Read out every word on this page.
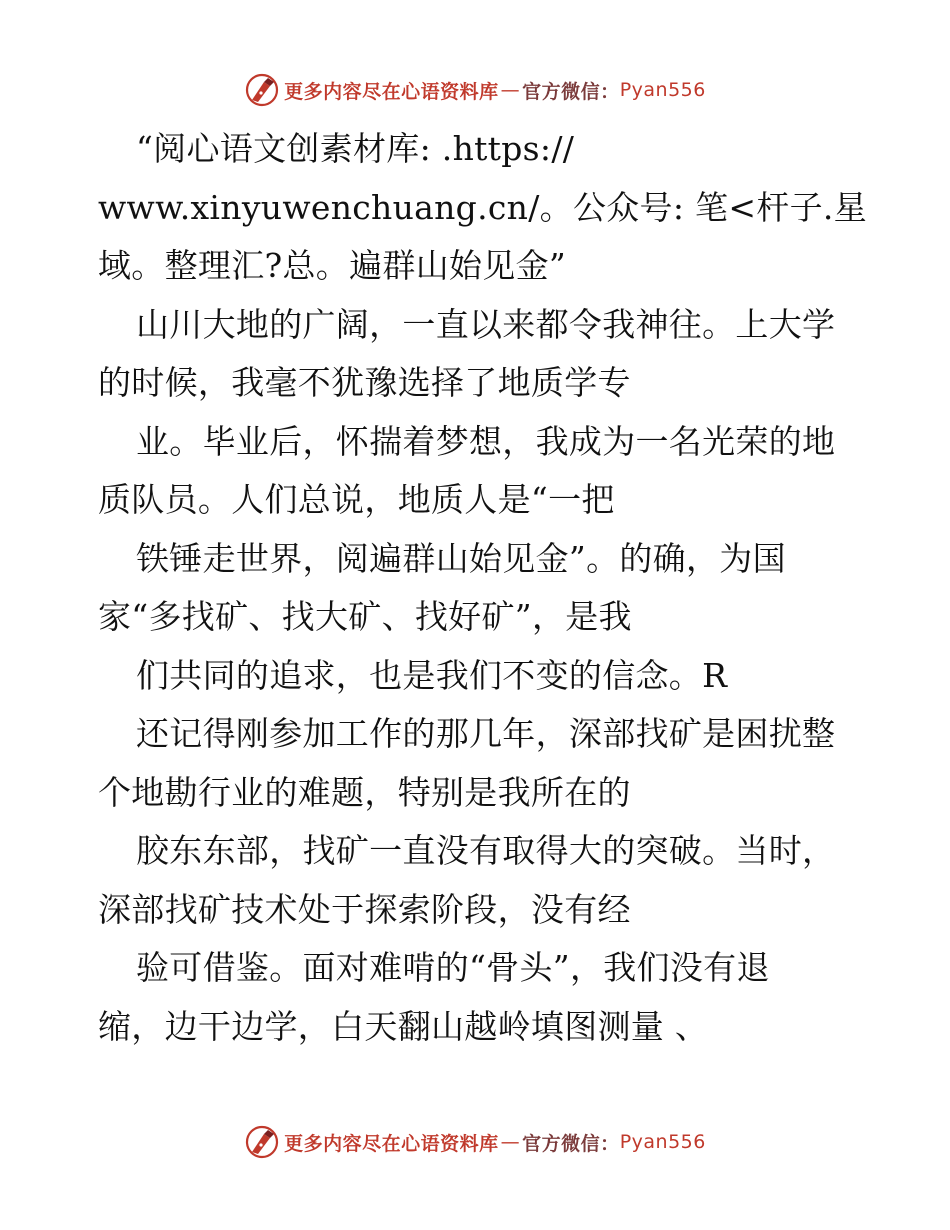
更多内容尽在心语资料库 — 官方微信： Pyan556
“阅心语文创素材库: .https://
www.xinyuwenchuang.cn/。公众号: 笔<杆子.星
域。整理汇?总。遍群山始见金”
山川大地的广阔，一直以来都令我神往。上大学
的时候，我毫不犹豫选择了地质学专
业。毕业后，怀揣着梦想，我成为一名光荣的地
质队员。人们总说，地质人是“一把
铁锤走世界，阅遍群山始见金”。的确，为国
家“多找矿、找大矿、找好矿”，是我
们共同的追求，也是我们不变的信念。R
还记得刚参加工作的那几年，深部找矿是困扰整
个地勘行业的难题，特别是我所在的
胶东东部，找矿一直没有取得大的突破。当时，
深部找矿技术处于探索阶段，没有经
验可借鉴。面对难啃的“骨头”，我们没有退
缩，边干边学，白天翻山越岭填图测量 、
更多内容尽在心语资料库 — 官方微信： Pyan556
